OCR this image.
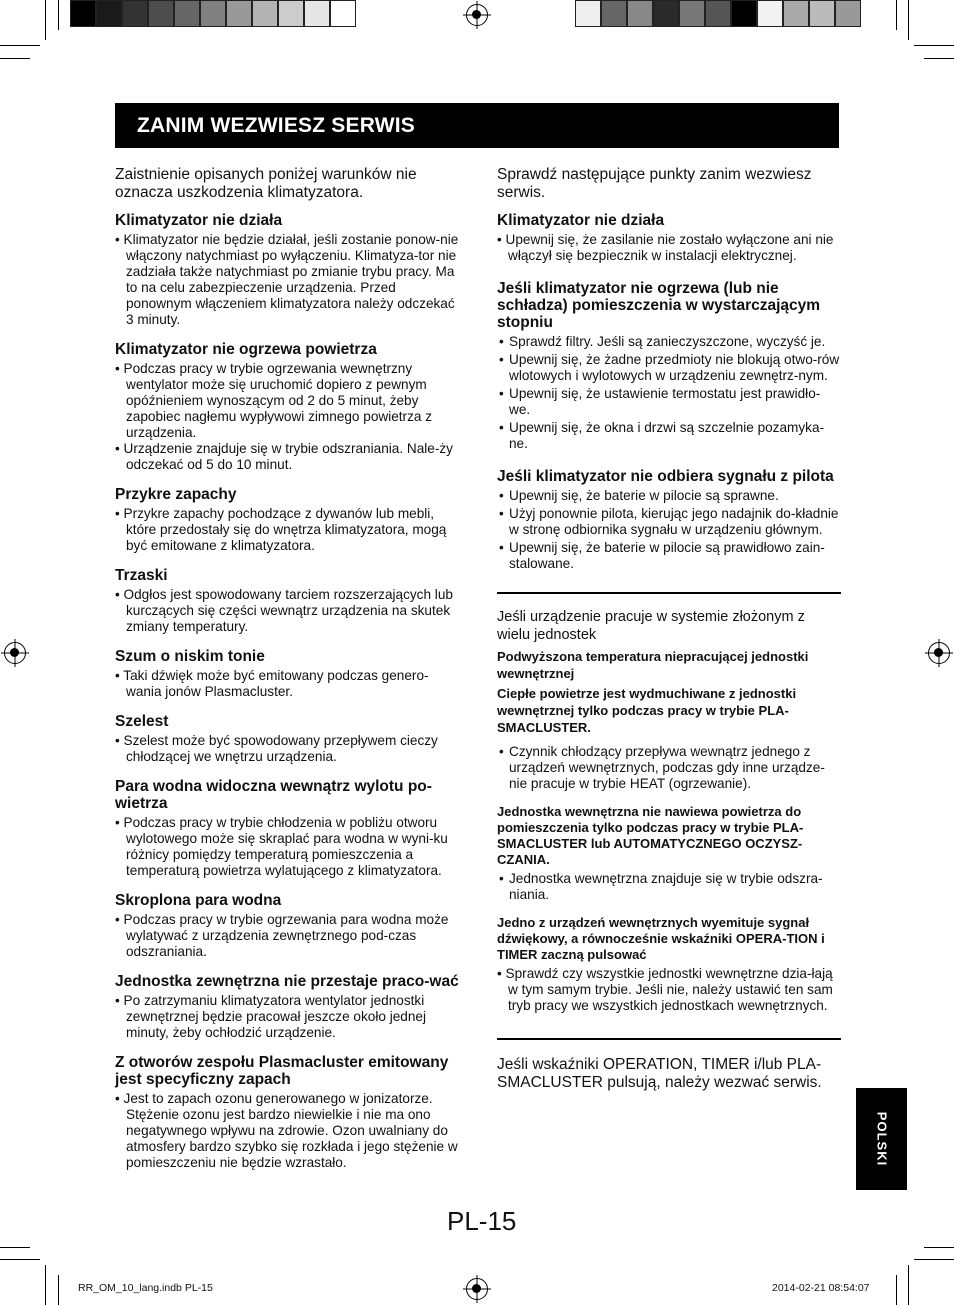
ZANIM WEZWIESZ SERWIS

Zaistnienie opisanych poniżej warunków nie oznacza uszkodzenia klimatyzatora.

Klimatyzator nie działa

• Klimatyzator nie będzie działał, jeśli zostanie ponow-nie włączony natychmiast po wyłączeniu. Klimatyza-tor nie zadziała także natychmiast po zmianie trybu pracy. Ma to na celu zabezpieczenie urządzenia. Przed ponownym włączeniem klimatyzatora należy odczekać 3 minuty.

Klimatyzator nie ogrzewa powietrza

• Podczas pracy w trybie ogrzewania wewnętrzny wentylator może się uruchomić dopiero z pewnym opóźnieniem wynoszącym od 2 do 5 minut, żeby zapobiec nagłemu wypływowi zimnego powietrza z urządzenia.

• Urządzenie znajduje się w trybie odszraniania. Nale-ży odczekać od 5 do 10 minut.

Przykre zapachy

• Przykre zapachy pochodzące z dywanów lub mebli, które przedostały się do wnętrza klimatyzatora, mogą być emitowane z klimatyzatora.

Trzaski

• Odgłos jest spowodowany tarciem rozszerzających lub kurczących się części wewnątrz urządzenia na skutek zmiany temperatury.

Szum o niskim tonie

• Taki dźwięk może być emitowany podczas genero-wania jonów Plasmacluster.

Szelest

• Szelest może być spowodowany przepływem cieczy chłodzącej we wnętrzu urządzenia.

Para wodna widoczna wewnątrz wylotu po-wietrza

• Podczas pracy w trybie chłodzenia w pobliżu otworu wylotowego może się skraplać para wodna w wyni-ku różnicy pomiędzy temperaturą pomieszczenia a temperaturą powietrza wylatującego z klimatyzatora.

Skroplona para wodna

• Podczas pracy w trybie ogrzewania para wodna może wylatywać z urządzenia zewnętrznego pod-czas odszraniania.

Jednostka zewnętrzna nie przestaje praco-wać

• Po zatrzymaniu klimatyzatora wentylator jednostki zewnętrznej będzie pracował jeszcze około jednej minuty, żeby ochłodzić urządzenie.

Z otworów zespołu Plasmacluster emitowany jest specyficzny zapach

• Jest to zapach ozonu generowanego w jonizatorze. Stężenie ozonu jest bardzo niewielkie i nie ma ono negatywnego wpływu na zdrowie. Ozon uwalniany do atmosfery bardzo szybko się rozkłada i jego stężenie w pomieszczeniu nie będzie wzrastało.

Sprawdź następujące punkty zanim wezwiesz serwis.

Klimatyzator nie działa

• Upewnij się, że zasilanie nie zostało wyłączone ani nie włączył się bezpiecznik w instalacji elektrycznej.

Jeśli klimatyzator nie ogrzewa (lub nie schładza) pomieszczenia w wystarczającym stopniu

• Sprawdź filtry. Jeśli są zanieczyszczone, wyczyść je.

• Upewnij się, że żadne przedmioty nie blokują otwo-rów wlotowych i wylotowych w urządzeniu zewnętrz-nym.

• Upewnij się, że ustawienie termostatu jest prawidło-we.

• Upewnij się, że okna i drzwi są szczelnie pozamyka-ne.

Jeśli klimatyzator nie odbiera sygnału z pilota

• Upewnij się, że baterie w pilocie są sprawne.

• Użyj ponownie pilota, kierując jego nadajnik do-kładnie w stronę odbiornika sygnału w urządzeniu głównym.

• Upewnij się, że baterie w pilocie są prawidłowo zain-stalowane.

Jeśli urządzenie pracuje w systemie złożonym z wielu jednostek

Podwyższona temperatura niepracującej jednostki wewnętrznej

Ciepłe powietrze jest wydmuchiwane z jednostki wewnętrznej tylko podczas pracy w trybie PLA-SMACLUSTER.

• Czynnik chłodzący przepływa wewnątrz jednego z urządzeń wewnętrznych, podczas gdy inne urządze-nie pracuje w trybie HEAT (ogrzewanie).

Jednostka wewnętrzna nie nawiewa powietrza do pomieszczenia tylko podczas pracy w trybie PLA-SMACLUSTER lub AUTOMATYCZNEGO OCZYSZ-CZANIA.

• Jednostka wewnętrzna znajduje się w trybie odszra-niania.

Jedno z urządzeń wewnętrznych wyemituje sygnał dźwiękowy, a równocześnie wskaźniki OPERA-TION i TIMER zaczną pulsować

• Sprawdź czy wszystkie jednostki wewnętrzne dzia-łają w tym samym trybie. Jeśli nie, należy ustawić ten sam tryb pracy we wszystkich jednostkach wewnętrznych.

Jeśli wskaźniki OPERATION, TIMER i/lub PLA-SMACLUSTER pulsują, należy wezwać serwis.

POLSKI
PL-15
RR_OM_10_lang.indb PL-15	2014-02-21 08:54:07
